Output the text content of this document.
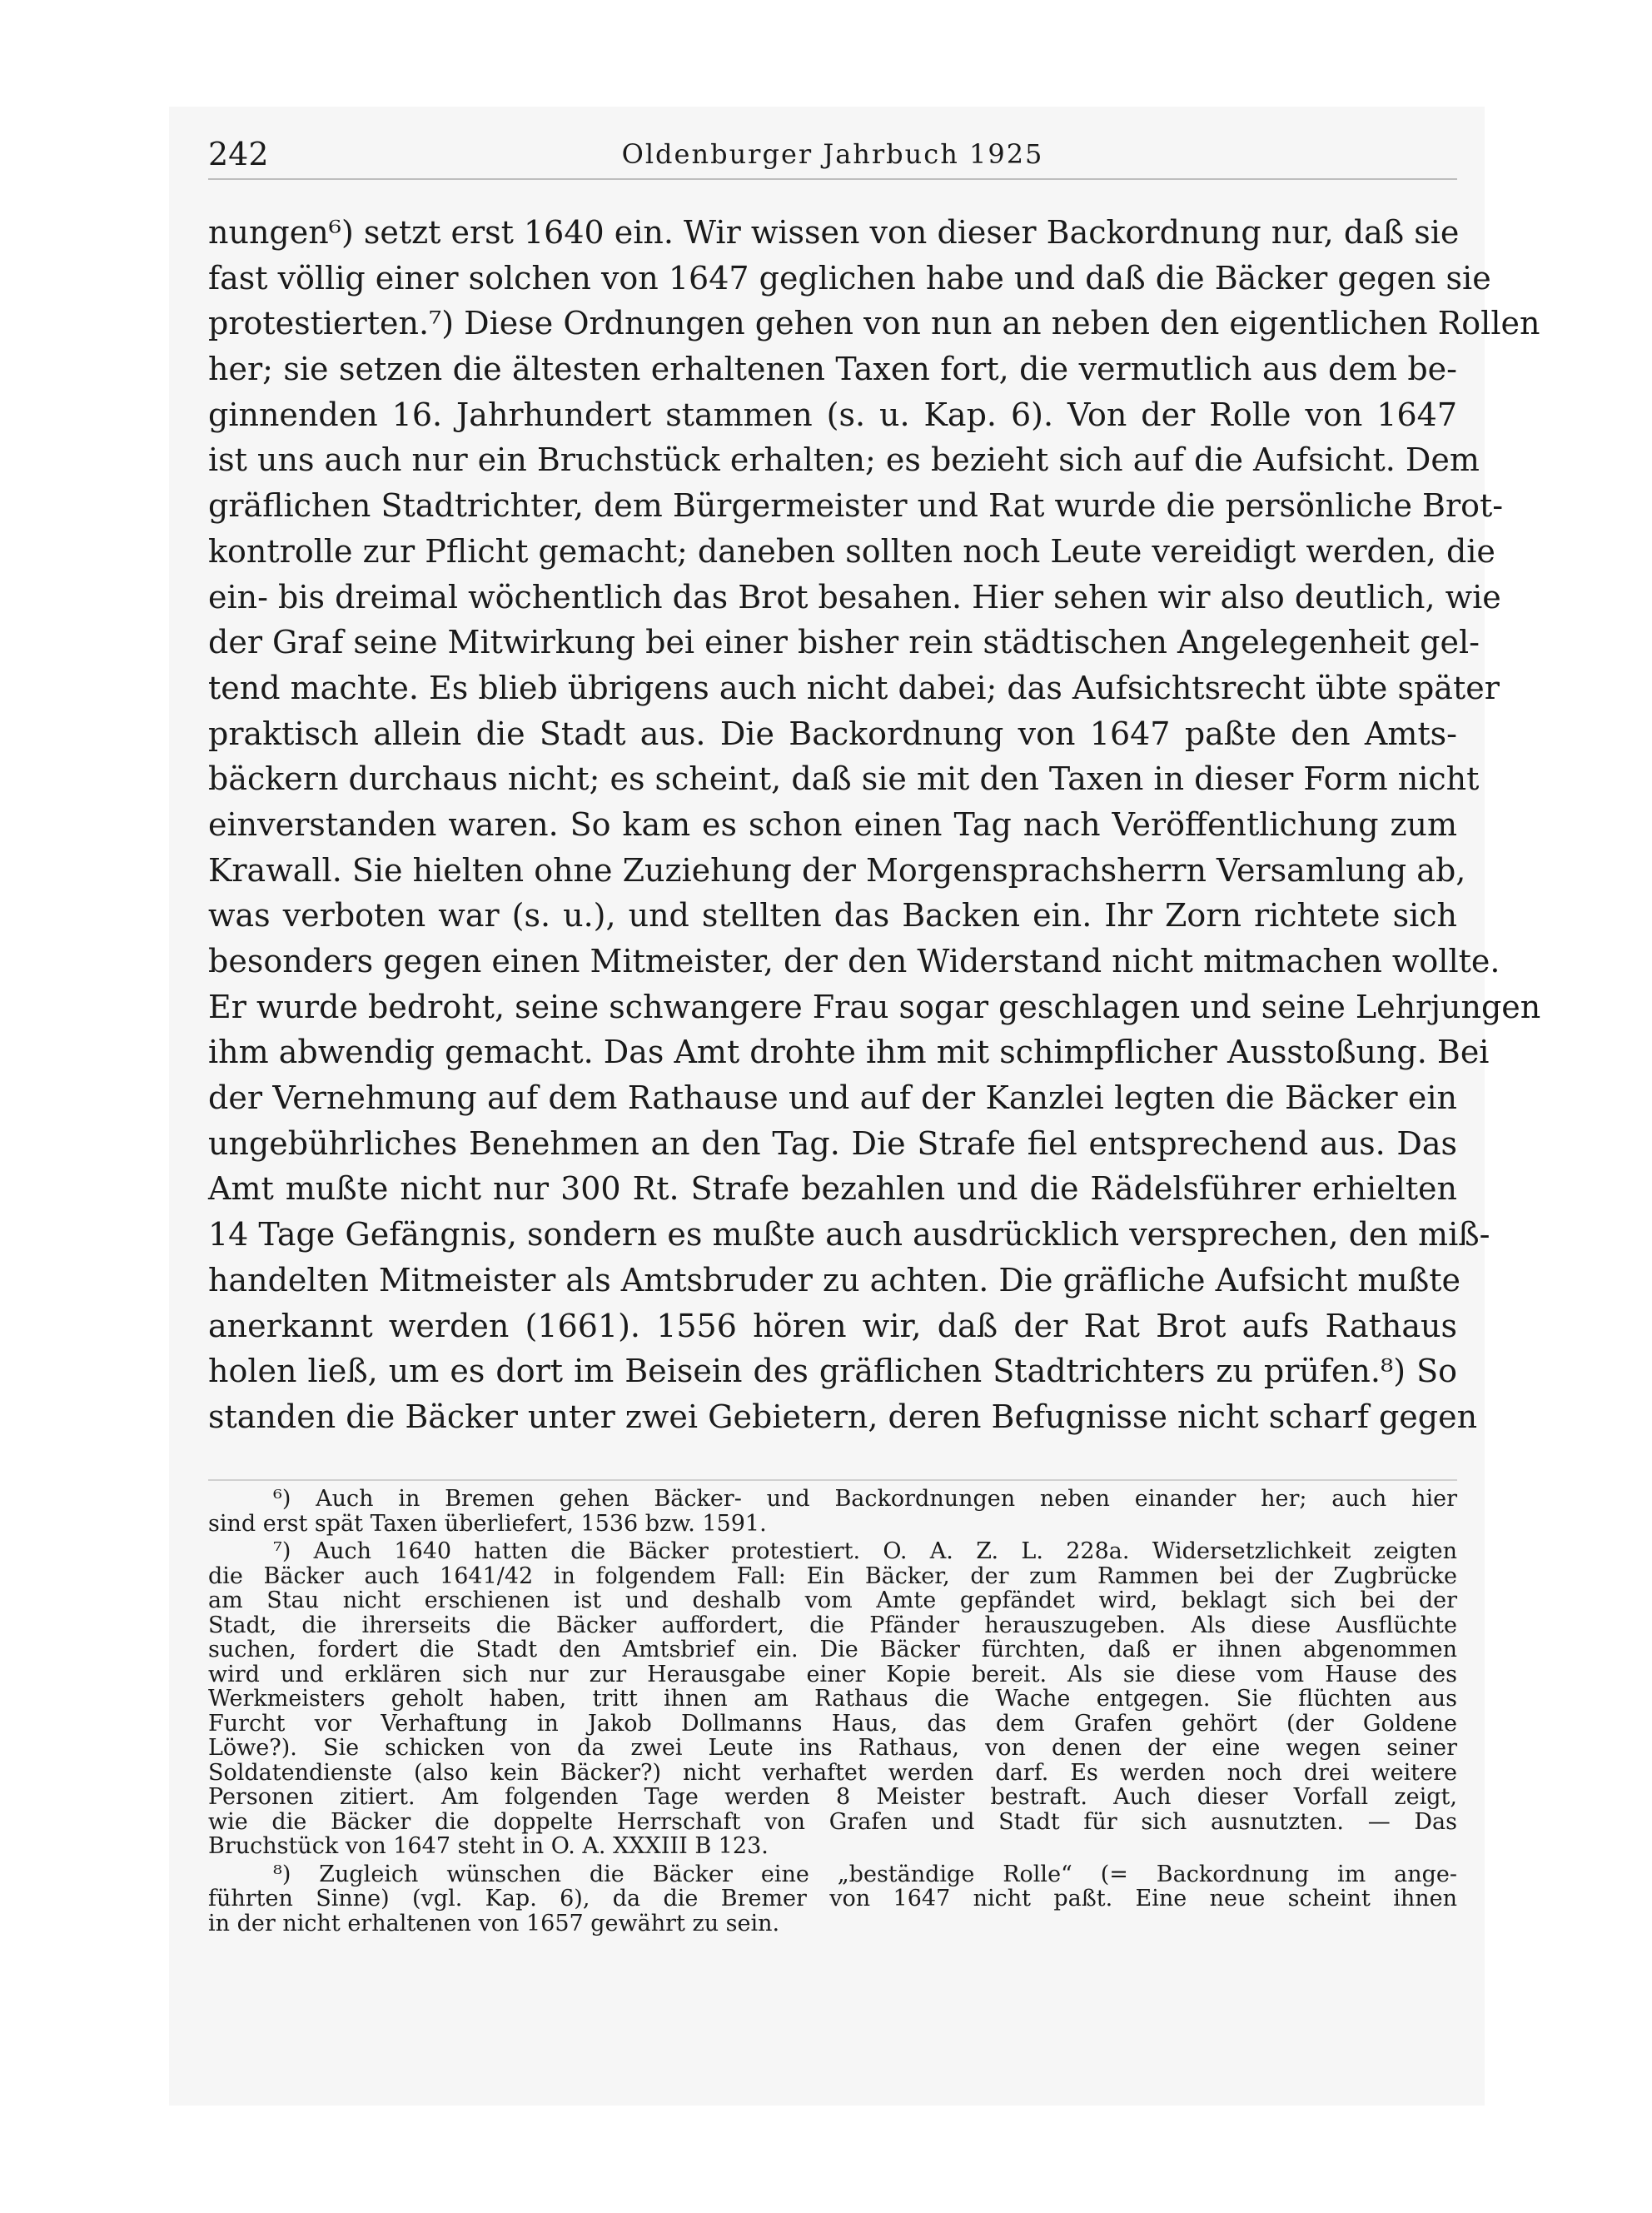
242	Oldenburger Jahrbuch 1925
nungen⁶) setzt erst 1640 ein. Wir wissen von dieser Backordnung nur, daß sie
fast völlig einer solchen von 1647 geglichen habe und daß die Bäcker gegen sie
protestierten.⁷) Diese Ordnungen gehen von nun an neben den eigentlichen Rollen
her; sie setzen die ältesten erhaltenen Taxen fort, die vermutlich aus dem be-
ginnenden 16. Jahrhundert stammen (s. u. Kap. 6). Von der Rolle von 1647
ist uns auch nur ein Bruchstück erhalten; es bezieht sich auf die Aufsicht. Dem
gräflichen Stadtrichter, dem Bürgermeister und Rat wurde die persönliche Brot-
kontrolle zur Pflicht gemacht; daneben sollten noch Leute vereidigt werden, die
ein- bis dreimal wöchentlich das Brot besahen. Hier sehen wir also deutlich, wie
der Graf seine Mitwirkung bei einer bisher rein städtischen Angelegenheit gel-
tend machte. Es blieb übrigens auch nicht dabei; das Aufsichtsrecht übte später
praktisch allein die Stadt aus. Die Backordnung von 1647 paßte den Amts-
bäckern durchaus nicht; es scheint, daß sie mit den Taxen in dieser Form nicht
einverstanden waren. So kam es schon einen Tag nach Veröffentlichung zum
Krawall. Sie hielten ohne Zuziehung der Morgensprachsherrn Versamlung ab,
was verboten war (s. u.), und stellten das Backen ein. Ihr Zorn richtete sich
besonders gegen einen Mitmeister, der den Widerstand nicht mitmachen wollte.
Er wurde bedroht, seine schwangere Frau sogar geschlagen und seine Lehrjungen
ihm abwendig gemacht. Das Amt drohte ihm mit schimpflicher Ausstoßung. Bei
der Vernehmung auf dem Rathause und auf der Kanzlei legten die Bäcker ein
ungebührliches Benehmen an den Tag. Die Strafe fiel entsprechend aus. Das
Amt mußte nicht nur 300 Rt. Strafe bezahlen und die Rädelsführer erhielten
14 Tage Gefängnis, sondern es mußte auch ausdrücklich versprechen, den miß-
handelten Mitmeister als Amtsbruder zu achten. Die gräfliche Aufsicht mußte
anerkannt werden (1661). 1556 hören wir, daß der Rat Brot aufs Rathaus
holen ließ, um es dort im Beisein des gräflichen Stadtrichters zu prüfen.⁸) So
standen die Bäcker unter zwei Gebietern, deren Befugnisse nicht scharf gegen
⁶) Auch in Bremen gehen Bäcker- und Backordnungen neben einander her; auch hier
sind erst spät Taxen überliefert, 1536 bzw. 1591.
⁷) Auch 1640 hatten die Bäcker protestiert. O. A. Z. L. 228a. Widersetzlichkeit zeigten
die Bäcker auch 1641/42 in folgendem Fall: Ein Bäcker, der zum Rammen bei der Zugbrücke
am Stau nicht erschienen ist und deshalb vom Amte gepfändet wird, beklagt sich bei der
Stadt, die ihrerseits die Bäcker auffordert, die Pfänder herauszugeben. Als diese Ausflüchte
suchen, fordert die Stadt den Amtsbrief ein. Die Bäcker fürchten, daß er ihnen abgenommen
wird und erklären sich nur zur Herausgabe einer Kopie bereit. Als sie diese vom Hause des
Werkmeisters geholt haben, tritt ihnen am Rathaus die Wache entgegen. Sie flüchten aus
Furcht vor Verhaftung in Jakob Dollmanns Haus, das dem Grafen gehört (der Goldene
Löwe?). Sie schicken von da zwei Leute ins Rathaus, von denen der eine wegen seiner
Soldatendienste (also kein Bäcker?) nicht verhaftet werden darf. Es werden noch drei weitere
Personen zitiert. Am folgenden Tage werden 8 Meister bestraft. Auch dieser Vorfall zeigt,
wie die Bäcker die doppelte Herrschaft von Grafen und Stadt für sich ausnutzten. — Das
Bruchstück von 1647 steht in O. A. XXXIII B 123.
⁸) Zugleich wünschen die Bäcker eine „beständige Rolle“ (= Backordnung im ange-
führten Sinne) (vgl. Kap. 6), da die Bremer von 1647 nicht paßt. Eine neue scheint ihnen
in der nicht erhaltenen von 1657 gewährt zu sein.
